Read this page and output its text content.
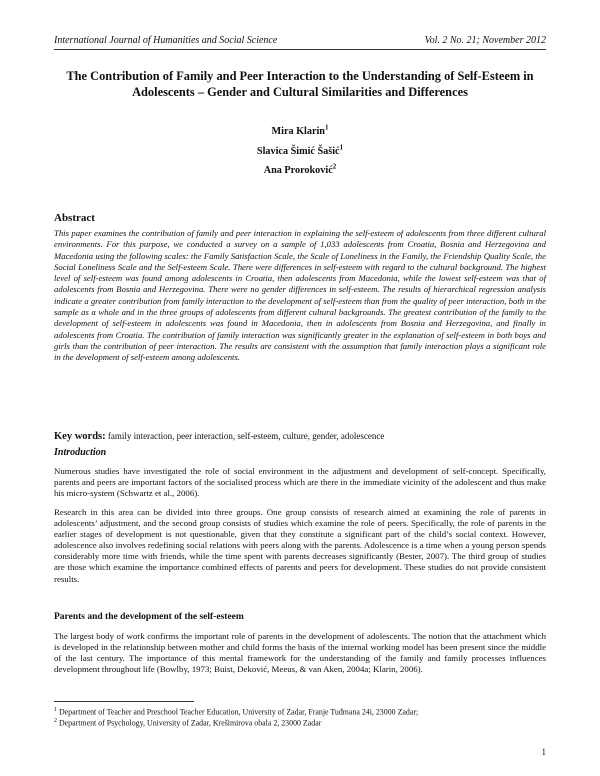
International Journal of Humanities and Social Science	Vol. 2 No. 21; November 2012
The Contribution of Family and Peer Interaction to the Understanding of Self-Esteem in Adolescents – Gender and Cultural Similarities and Differences
Mira Klarin$^1$
Slavica Šimić Šašić$^1$
Ana Proroković$^2$
Abstract
This paper examines the contribution of family and peer interaction in explaining the self-esteem of adolescents from three different cultural environments. For this purpose, we conducted a survey on a sample of 1,033 adolescents from Croatia, Bosnia and Herzegovina and Macedonia using the following scales: the Family Satisfaction Scale, the Scale of Loneliness in the Family, the Friendship Quality Scale, the Social Loneliness Scale and the Self-esteem Scale. There were differences in self-esteem with regard to the cultural background. The highest level of self-esteem was found among adolescents in Croatia, then adolescents from Macedonia, while the lowest self-esteem was that of adolescents from Bosnia and Herzegovina. There were no gender differences in self-esteem. The results of hierarchical regression analysis indicate a greater contribution from family interaction to the development of self-esteem than from the quality of peer interaction, both in the sample as a whole and in the three groups of adolescents from different cultural backgrounds. The greatest contribution of the family to the development of self-esteem in adolescents was found in Macedonia, then in adolescents from Bosnia and Herzegovina, and finally in adolescents from Croatia. The contribution of family interaction was significantly greater in the explanation of self-esteem in both boys and girls than the contribution of peer interaction. The results are consistent with the assumption that family interaction plays a significant role in the development of self-esteem among adolescents.
Key words: family interaction, peer interaction, self-esteem, culture, gender, adolescence
Introduction
Numerous studies have investigated the role of social environment in the adjustment and development of self-concept. Specifically, parents and peers are important factors of the socialised process which are there in the immediate vicinity of the adolescent and thus make his micro-system (Schwartz et al., 2006).
Research in this area can be divided into three groups. One group consists of research aimed at examining the role of parents in adolescents’ adjustment, and the second group consists of studies which examine the role of peers. Specifically, the role of parents in the earlier stages of development is not questionable, given that they constitute a significant part of the child’s social context. However, adolescence also involves redefining social relations with peers along with the parents. Adolescence is a time when a young person spends considerably more time with friends, while the time spent with parents decreases significantly (Bester, 2007). The third group of studies are those which examine the importance combined effects of parents and peers for development. These studies do not provide consistent results.
Parents and the development of the self-esteem
The largest body of work confirms the important role of parents in the development of adolescents. The notion that the attachment which is developed in the relationship between mother and child forms the basis of the internal working model has been present since the middle of the last century. The importance of this mental framework for the understanding of the family and family processes influences development throughout life (Bowlby, 1973; Buist, Deković, Meeus, & van Aken, 2004a; Klarin, 2006).
$^1$ Department of Teacher and Preschool Teacher Education, University of Zadar, Franje Tuđmana 24i, 23000 Zadar;
$^2$ Department of Psychology, University of Zadar, Krešimirova obala 2, 23000 Zadar
1
